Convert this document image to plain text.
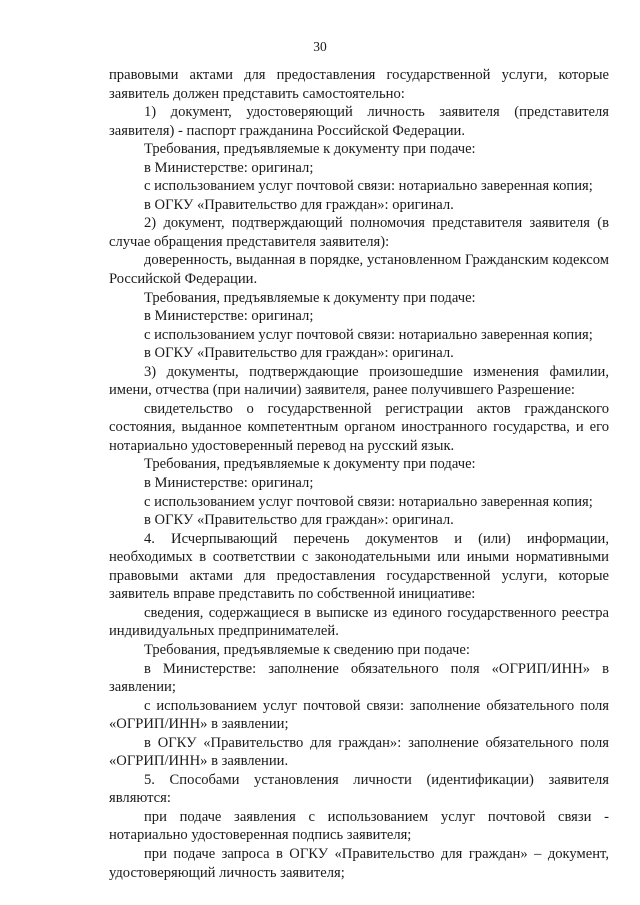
30

правовыми актами для предоставления государственной услуги, которые заявитель должен представить самостоятельно:

1) документ, удостоверяющий личность заявителя (представителя заявителя) - паспорт гражданина Российской Федерации.

Требования, предъявляемые к документу при подаче:

в Министерстве: оригинал;

с использованием услуг почтовой связи: нотариально заверенная копия;

в ОГКУ «Правительство для граждан»: оригинал.

2) документ, подтверждающий полномочия представителя заявителя (в случае обращения представителя заявителя):

доверенность, выданная в порядке, установленном Гражданским кодексом Российской Федерации.

Требования, предъявляемые к документу при подаче:

в Министерстве: оригинал;

с использованием услуг почтовой связи: нотариально заверенная копия;

в ОГКУ «Правительство для граждан»: оригинал.

3) документы, подтверждающие произошедшие изменения фамилии, имени, отчества (при наличии) заявителя, ранее получившего Разрешение:

свидетельство о государственной регистрации актов гражданского состояния, выданное компетентным органом иностранного государства, и его нотариально удостоверенный перевод на русский язык.

Требования, предъявляемые к документу при подаче:

в Министерстве: оригинал;

с использованием услуг почтовой связи: нотариально заверенная копия;

в ОГКУ «Правительство для граждан»: оригинал.

4. Исчерпывающий перечень документов и (или) информации, необходимых в соответствии с законодательными или иными нормативными правовыми актами для предоставления государственной услуги, которые заявитель вправе представить по собственной инициативе:

сведения, содержащиеся в выписке из единого государственного реестра индивидуальных предпринимателей.

Требования, предъявляемые к сведению при подаче:

в Министерстве: заполнение обязательного поля «ОГРИП/ИНН» в заявлении;

с использованием услуг почтовой связи: заполнение обязательного поля «ОГРИП/ИНН» в заявлении;

в ОГКУ «Правительство для граждан»: заполнение обязательного поля «ОГРИП/ИНН» в заявлении.

5. Способами установления личности (идентификации) заявителя являются:

при подаче заявления с использованием услуг почтовой связи - нотариально удостоверенная подпись заявителя;

при подаче запроса в ОГКУ «Правительство для граждан» – документ, удостоверяющий личность заявителя;
